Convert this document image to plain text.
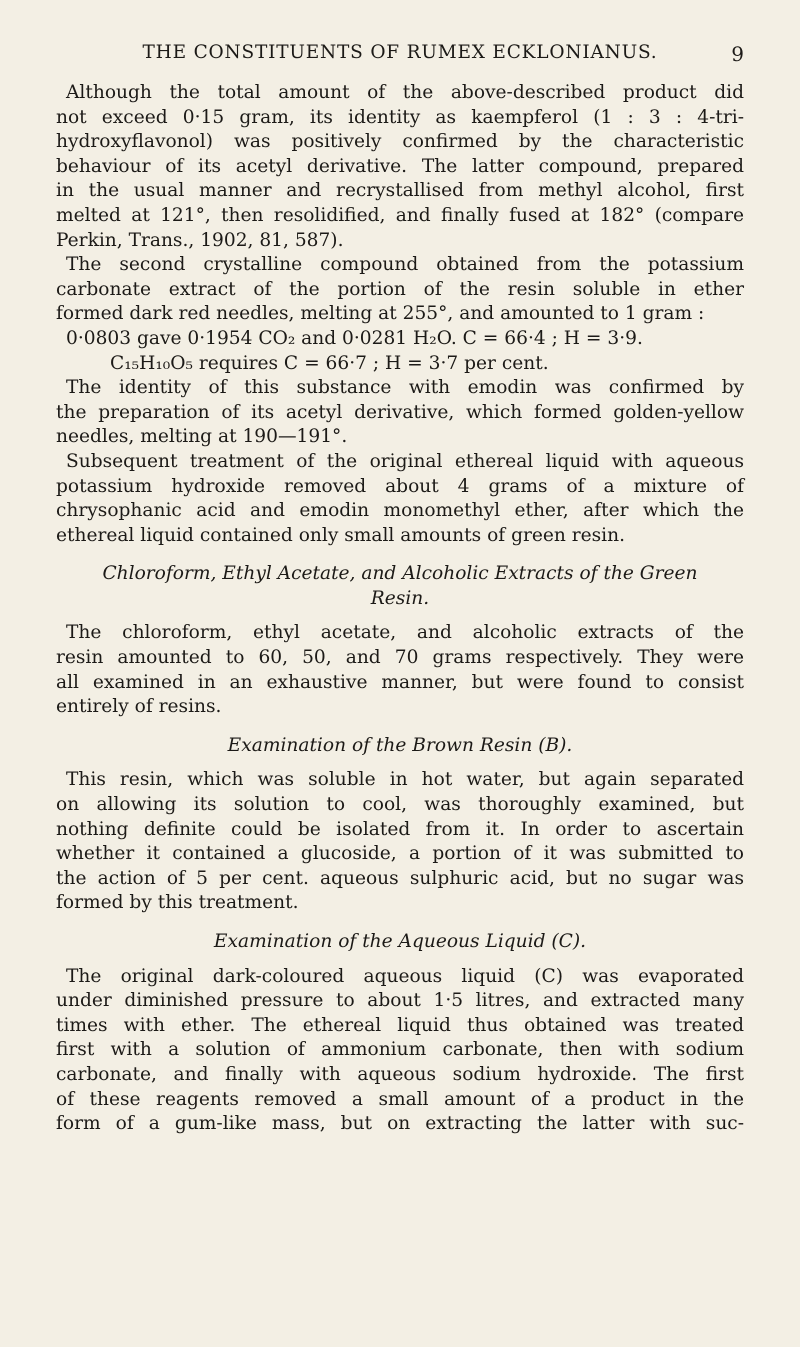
THE CONSTITUENTS OF RUMEX ECKLONIANUS.	9
Although the total amount of the above-described product did
not exceed 0·15 gram, its identity as kaempferol (1 : 3 : 4-tri-
hydroxyflavonol) was positively confirmed by the characteristic
behaviour of its acetyl derivative. The latter compound, prepared
in the usual manner and recrystallised from methyl alcohol, first
melted at 121°, then resolidified, and finally fused at 182° (compare
Perkin, Trans., 1902, 81, 587).
The second crystalline compound obtained from the potassium
carbonate extract of the portion of the resin soluble in ether
formed dark red needles, melting at 255°, and amounted to 1 gram :
0·0803 gave 0·1954 CO₂ and 0·0281 H₂O. C = 66·4 ; H = 3·9.
C₁₅H₁₀O₅ requires C = 66·7 ; H = 3·7 per cent.
The identity of this substance with emodin was confirmed by
the preparation of its acetyl derivative, which formed golden-yellow
needles, melting at 190—191°.
Subsequent treatment of the original ethereal liquid with aqueous
potassium hydroxide removed about 4 grams of a mixture of
chrysophanic acid and emodin monomethyl ether, after which the
ethereal liquid contained only small amounts of green resin.
Chloroform, Ethyl Acetate, and Alcoholic Extracts of the Green
Resin.
The chloroform, ethyl acetate, and alcoholic extracts of the
resin amounted to 60, 50, and 70 grams respectively. They were
all examined in an exhaustive manner, but were found to consist
entirely of resins.
Examination of the Brown Resin (B).
This resin, which was soluble in hot water, but again separated
on allowing its solution to cool, was thoroughly examined, but
nothing definite could be isolated from it. In order to ascertain
whether it contained a glucoside, a portion of it was submitted to
the action of 5 per cent. aqueous sulphuric acid, but no sugar was
formed by this treatment.
Examination of the Aqueous Liquid (C).
The original dark-coloured aqueous liquid (C) was evaporated
under diminished pressure to about 1·5 litres, and extracted many
times with ether. The ethereal liquid thus obtained was treated
first with a solution of ammonium carbonate, then with sodium
carbonate, and finally with aqueous sodium hydroxide. The first
of these reagents removed a small amount of a product in the
form of a gum-like mass, but on extracting the latter with suc-
